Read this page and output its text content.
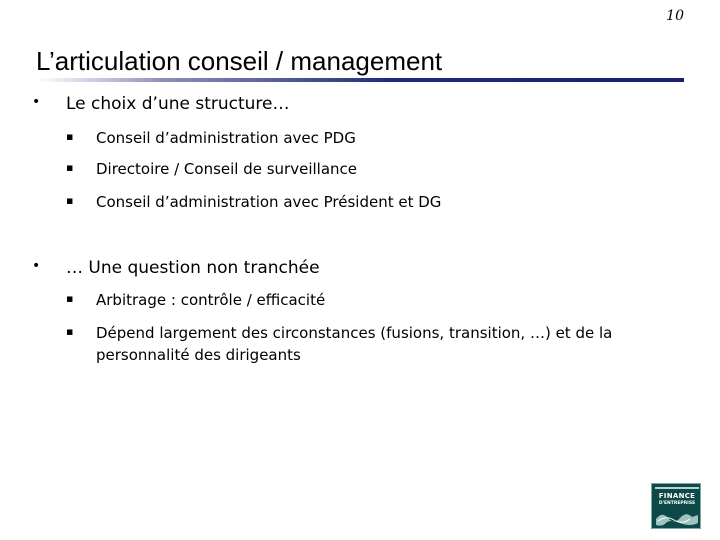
10
L’articulation conseil / management
• Le choix d’une structure…
▪ Conseil d’administration avec PDG
▪ Directoire / Conseil de surveillance
▪ Conseil d’administration avec Président et DG
• … Une question non tranchée
▪ Arbitrage : contrôle / efficacité
▪ Dépend largement des circonstances (fusions, transition, …) et de la personnalité des dirigeants
FINANCE
D'ENTREPRISE
